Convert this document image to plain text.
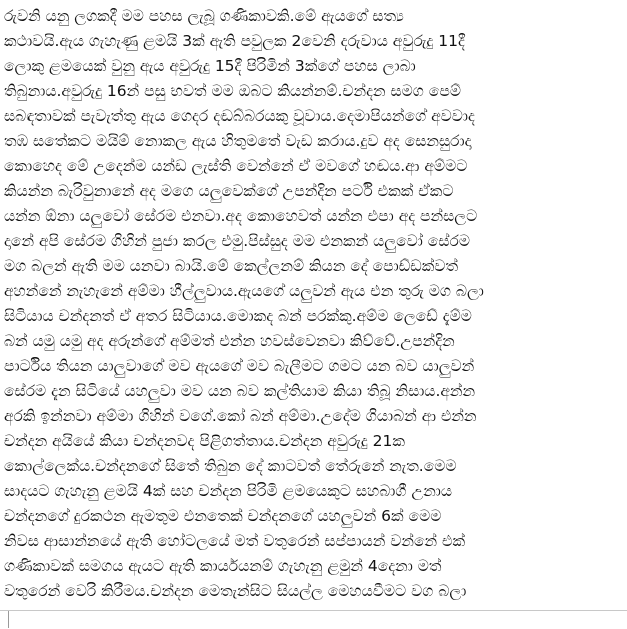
රුවනි යනු ලගකදී මම පහස ලැබූ ගණිකාවකි.මේ ඇයගේ සත්‍ය
කථාවයි.ඇය ගැහැණු ළමයි 3ක් ඇති පවුලක 2වෙනි දරුවාය අවුරුදු 11දී
ලොකු ළමයෙක් වුනු ඇය අවුරුදු 15දී පිරිමින් 3ක්ගේ පහස ලාබා
තිබුනාය.අවුරුදු 16න් පසු භවත් මම ඔබට කියන්නම්.චන්දන සමග පෙම්
සබඳතාවක් පැවැත්තු ඇය ගෙදර දඬබ්බරයකු වූවාය.දෙමාපියන්ගේ අවවාද
තඹ සතේකට මයිම් නොකල ඇය හිතුමතේ වැඩ කරාය.දුව අද සෙනසුරාදා
කොහෙද මේ උදෙන්ම යන්ඩ ලැස්ති වෙන්නේ ඒ මවගේ හඬය.ආ අම්මට
කියන්න බැරිවුනානේ අද මගෙ යලුවෙක්ගේ උපන්දින පර්ටි එකක් ඒකට
යන්න ඕනා යලුවෝ සේරම එනවා.අද කොහෙවත් යන්න එපා අද පන්සලට
දානේ අපි සේරම ගිහින් පුජා කරල එමු.පිස්සුද මම එනකන් යලුවෝ සේරම
මග බලන් ඇති මම යනවා බායි.මේ කෙල්ලනම් කියන දේ පොඩ්ඩක්වත්
අහන්නේ නැහැනේ අම්මා හීල්ලුවාය.ඇයගේ යලුවන් ඇය එන තුරු මග බලා
සිටියාය චන්දනත් ඒ අතර සිටියාය.මොකද බන් පරක්කු.අම්ම ලෙඩේ දැම්ම
බන් යමු යමු අද අරුන්ගේ අම්මත් එන්න හවස්වෙනවා කිව්වේ.උපන්දින
පාර්ටිය තියන යාලුවාගේ මව ඇයගේ මව බැලීමට ගමට යන බව යාලුවන්
සේරම දැන සිටියේ යහලුවා මව යන බව කල්තියාම කියා තිබූ නිසාය.අන්න
අරකි ඉන්නවා අම්මා ගිහින් වගේ.කෝ බන් අම්මා.උදේම ගියාබන් ආ එන්න
චන්දන අයියේ කියා චන්දනවද පිළිගත්තාය.චන්දන අවුරුදු 21ක
කොල්ලෙක්ය.චන්දනගේ සිතේ තිබුන දේ කාටවත් තේරුනේ නැත.මෙම
සාදයට ගැහැනු ළමයි 4ක් සහ චන්දන පිරිමි ළමයෙකුට සහබාගී උනාය
චන්දනගේ දුරකථන ඇමතුම එනතෙක් චන්දනගේ යහලුවන් 6ක් මෙම
නිවස ආසාන්නයේ ඇති හෝටලයේ මත් වතුරෙන් සප්පායන් වන්නේ එක්
ගණිකාවක් සමගය ඇයට ඇති කාර්යයනම් ගැහැනු ළමුන් 4දෙනා මත්
වතුරෙන් වෙරි කිරීමය.චන්දන මෙතැන්සිට සියල්ල මෙහයවීමට වග බලා
